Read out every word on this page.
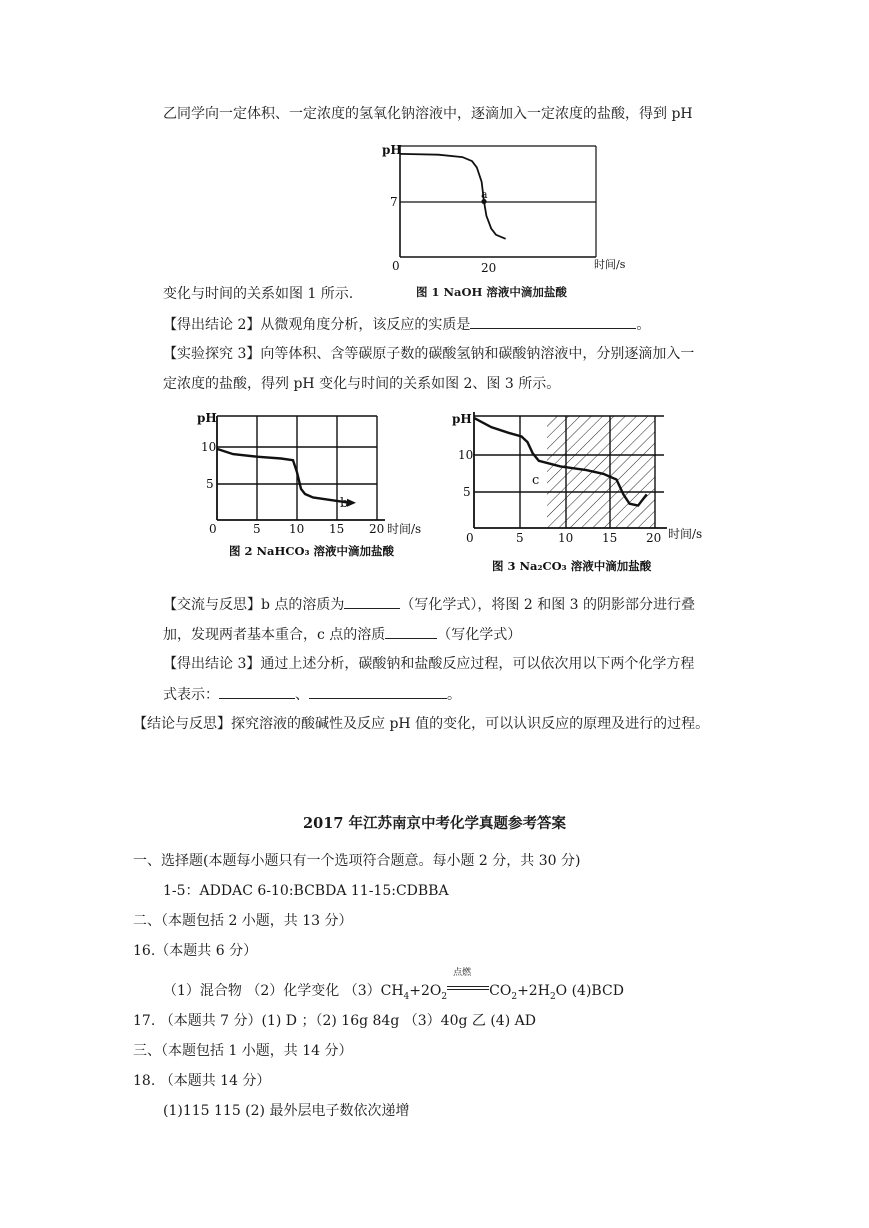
乙同学向一定体积、一定浓度的氢氧化钠溶液中，逐滴加入一定浓度的盐酸，得到 pH
pH
7
0	20	时间/s
a
变化与时间的关系如图 1 所示.	图 1 NaOH 溶液中滴加盐酸
【得出结论 2】从微观角度分析，该反应的实质是	。
【实验探究 3】向等体积、含等碳原子数的碳酸氢钠和碳酸钠溶液中，分别逐滴加入一
定浓度的盐酸，得列 pH 变化与时间的关系如图 2、图 3 所示。
pH
10
5
0	5 10 15 20 时间/s
b
图 2 NaHCO₃ 溶液中滴加盐酸
pH
10
5
0	5	10 15 20 时间/s
c
图 3 Na₂CO₃ 溶液中滴加盐酸
【交流与反思】b 点的溶质为	（写化学式），将图 2 和图 3 的阴影部分进行叠
加，发现两者基本重合，c 点的溶质	（写化学式）
【得出结论 3】通过上述分析，碳酸钠和盐酸反应过程，可以依次用以下两个化学方程
式表示：	、	。
【结论与反思】探究溶液的酸碱性及反应 pH 值的变化，可以认识反应的原理及进行的过程。
2017 年江苏南京中考化学真题参考答案
一、选择题(本题每小题只有一个选项符合题意。每小题 2 分，共 30 分)
1-5：ADDAC 6-10:BCBDA 11-15:CDBBA
二、（本题包括 2 小题，共 13 分）
16.（本题共 6 分）
（1）混合物 （2）化学变化 $(3)CH_4+2O_2$
点燃
$CO_2+2H_2O$ (4)BCD
17. （本题共 7 分）(1) D ；（2) 16g 84g （3）40g 乙 (4) AD
三、（本题包括 1 小题，共 14 分）
18. （本题共 14 分）
(1)115 115 (2) 最外层电子数依次递增
